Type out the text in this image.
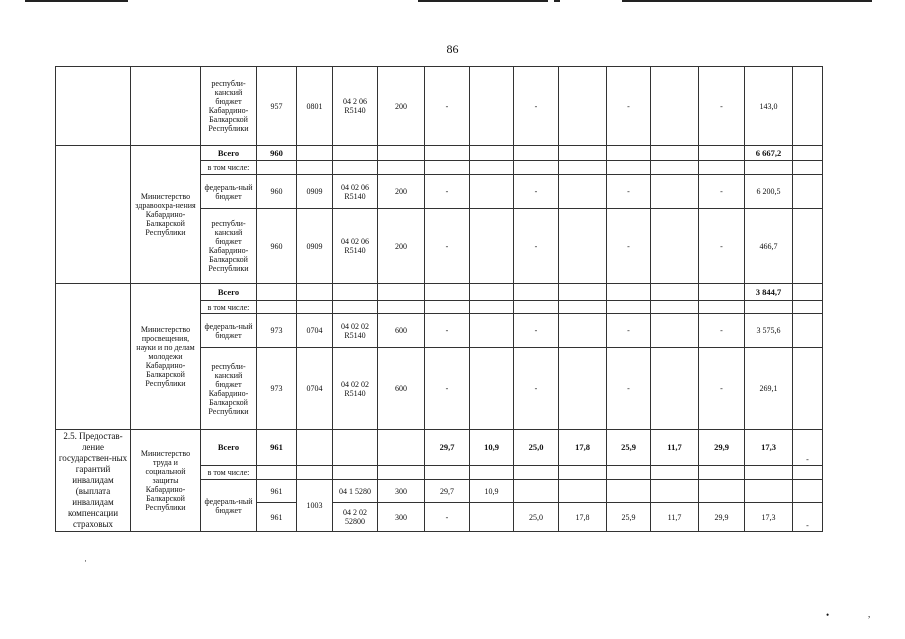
86
		республи-канский бюджет Кабардино-Балкарской Республики	957	0801	04 2 06 R5140	200	-		-		-		-	143,0	
	Министерство здравоохра-нения Кабардино-Балкарской Республики	Всего	960											6 667,2	
		в том числе:													
		федераль-ный бюджет	960	0909	04 02 06 R5140	200	-		-		-		-	6 200,5	
		республи-канский бюджет Кабардино-Балкарской Республики	960	0909	04 02 06 R5140	200	-		-		-		-	466,7	
	Министерство просвещения, науки и по делам молодежи Кабардино-Балкарской Республики	Всего												3 844,7	
		в том числе:													
		федераль-ный бюджет	973	0704	04 02 02 R5140	600	-		-		-		-	3 575,6	
		республи-канский бюджет Кабардино-Балкарской Республики	973	0704	04 02 02 R5140	600	-		-		-		-	269,1	
2.5. Предостав-ление государствен-ных гарантий инвалидам (выплата инвалидам компенсации страховых	Министерство труда и социальной защиты Кабардино-Балкарской Республики	Всего	961				29,7	10,9	25,0	17,8	25,9	11,7	29,9	17,3	-
		в том числе:													
		федераль-ный бюджет	961	1003	04 1 5280	300	29,7	10,9							
			961		04 2 02 52800	300	-		25,0	17,8	25,9	11,7	29,9	17,3	-
·
•	,
